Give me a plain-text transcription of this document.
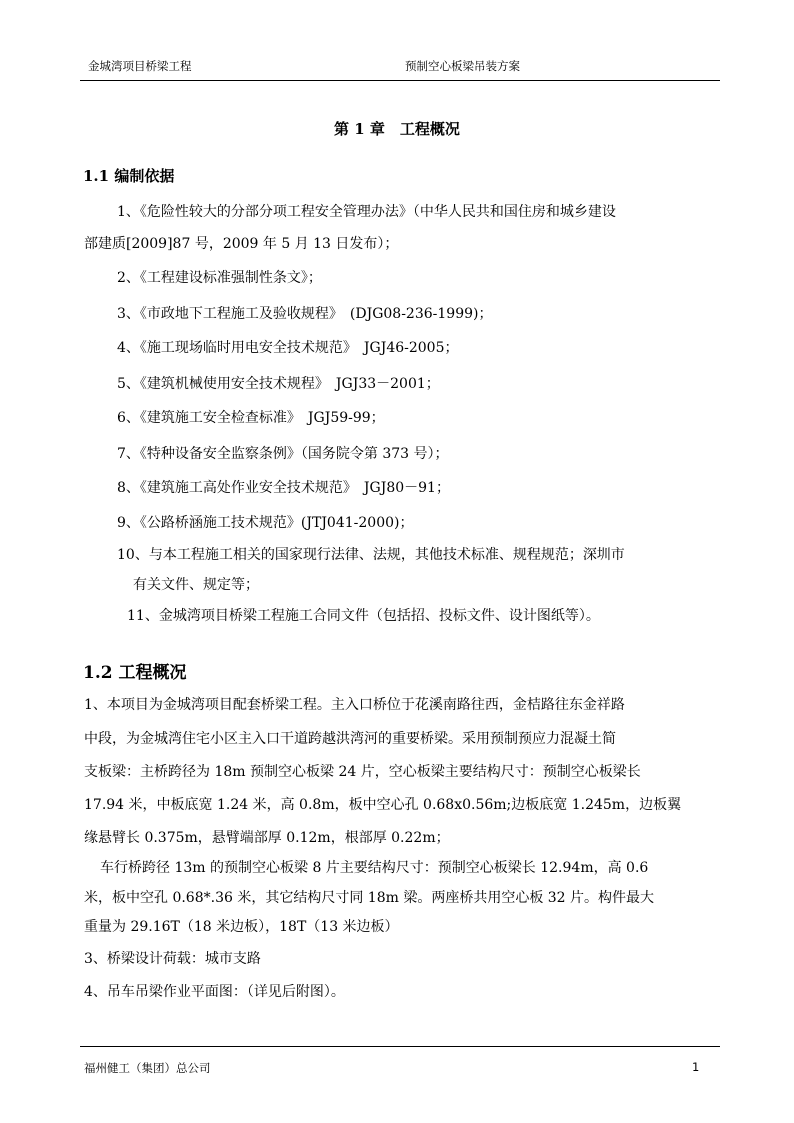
金城湾项目桥梁工程	预制空心板梁吊装方案
第 1 章　工程概况
1.1 编制依据
1、《危险性较大的分部分项工程安全管理办法》（中华人民共和国住房和城乡建设
部建质[2009]87 号，2009 年 5 月 13 日发布）；
2、《工程建设标准强制性条文》；
3、《市政地下工程施工及验收规程》　(DJG08-236-1999)；
4、《施工现场临时用电安全技术规范》　JGJ46-2005；
5、《建筑机械使用安全技术规程》　JGJ33－2001；
6、《建筑施工安全检查标准》　JGJ59-99；
7、《特种设备安全监察条例》（国务院令第 373 号）；
8、《建筑施工高处作业安全技术规范》　JGJ80－91；
9、《公路桥涵施工技术规范》(JTJ041-2000)；
10、与本工程施工相关的国家现行法律、法规，其他技术标准、规程规范；深圳市
有关文件、规定等；
11、金城湾项目桥梁工程施工合同文件（包括招、投标文件、设计图纸等）。
1.2 工程概况
1、本项目为金城湾项目配套桥梁工程。主入口桥位于花溪南路往西，金桔路往东金祥路
中段，为金城湾住宅小区主入口干道跨越洪湾河的重要桥梁。采用预制预应力混凝土简
支板梁：主桥跨径为 18m 预制空心板梁 24 片，空心板梁主要结构尺寸：预制空心板梁长
17.94 米，中板底宽 1.24 米，高 0.8m，板中空心孔 0.68x0.56m;边板底宽 1.245m，边板翼
缘悬臂长 0.375m，悬臂端部厚 0.12m，根部厚 0.22m；
车行桥跨径 13m 的预制空心板梁 8 片主要结构尺寸：预制空心板梁长 12.94m，高 0.6
米，板中空孔 0.68*.36 米，其它结构尺寸同 18m 梁。两座桥共用空心板 32 片。构件最大
重量为 29.16T（18 米边板），18T（13 米边板）
3、桥梁设计荷载：城市支路
4、吊车吊梁作业平面图：（详见后附图）。
福州健工（集团）总公司	1
